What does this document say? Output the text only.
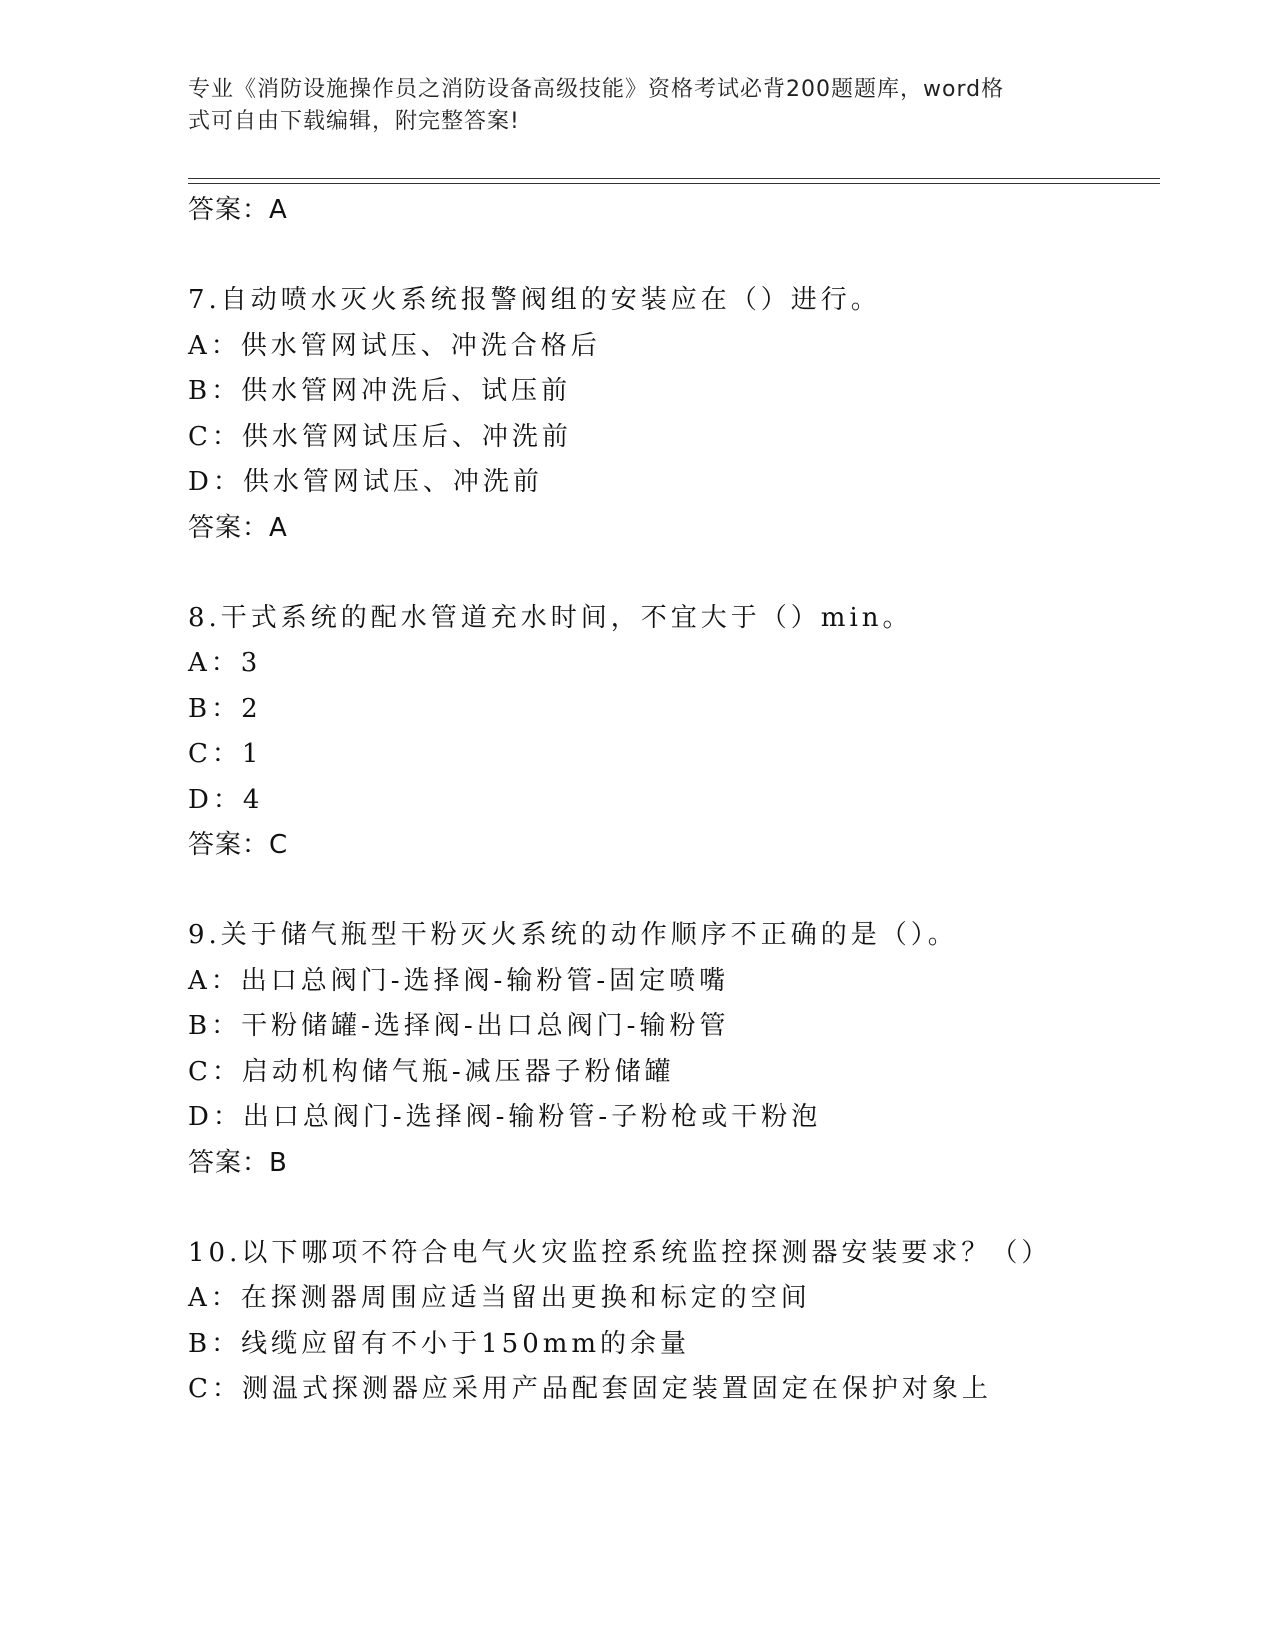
专业《消防设施操作员之消防设备高级技能》资格考试必背200题题库，word格
式可自由下载编辑，附完整答案!
答案：A
7.自动喷水灭火系统报警阀组的安装应在（）进行。
A：供水管网试压、冲洗合格后
B：供水管网冲洗后、试压前
C：供水管网试压后、冲洗前
D：供水管网试压、冲洗前
答案：A
8.干式系统的配水管道充水时间，不宜大于（）min。
A：3
B：2
C：1
D：4
答案：C
9.关于储气瓶型干粉灭火系统的动作顺序不正确的是（）。
A：出口总阀门-选择阀-输粉管-固定喷嘴
B：干粉储罐-选择阀-出口总阀门-输粉管
C：启动机构储气瓶-减压器子粉储罐
D：出口总阀门-选择阀-输粉管-子粉枪或干粉泡
答案：B
10.以下哪项不符合电气火灾监控系统监控探测器安装要求？（）
A：在探测器周围应适当留出更换和标定的空间
B：线缆应留有不小于150mm的余量
C：测温式探测器应采用产品配套固定装置固定在保护对象上
